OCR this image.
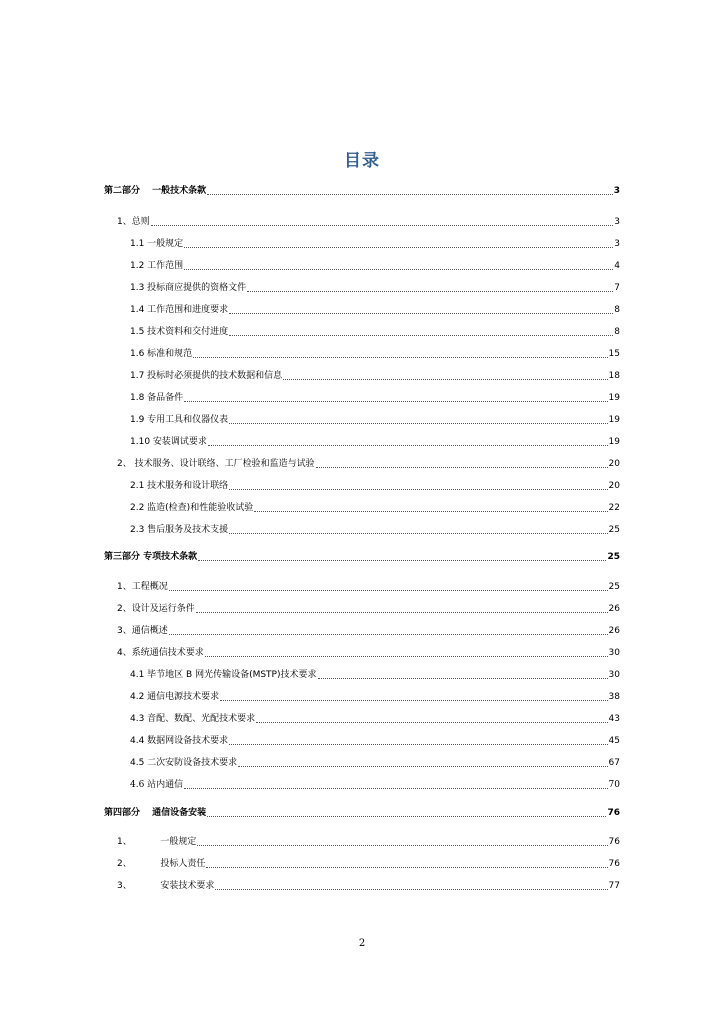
目录
第二部分　 一般技术条款	3
1、总则	3
1.1 一般规定	3
1.2 工作范围	4
1.3 投标商应提供的资格文件	7
1.4 工作范围和进度要求	8
1.5 技术资料和交付进度	8
1.6 标准和规范	15
1.7 投标时必须提供的技术数据和信息	18
1.8 备品备件	19
1.9 专用工具和仪器仪表	19
1.10 安装调试要求	19
2、 技术服务、设计联络、工厂检验和监造与试验	20
2.1 技术服务和设计联络	20
2.2 监造(检查)和性能验收试验	22
2.3 售后服务及技术支援	25
第三部分 专项技术条款	25
1、工程概况	25
2、设计及运行条件	26
3、通信概述	26
4、系统通信技术要求	30
4.1 毕节地区 B 网光传输设备(MSTP)技术要求	30
4.2 通信电源技术要求	38
4.3 音配、数配、光配技术要求	43
4.4 数据网设备技术要求	45
4.5 二次安防设备技术要求	67
4.6 站内通信	70
第四部分　 通信设备安装	76
1、          一般规定	76
2、          投标人责任	76
3、          安装技术要求	77
2
